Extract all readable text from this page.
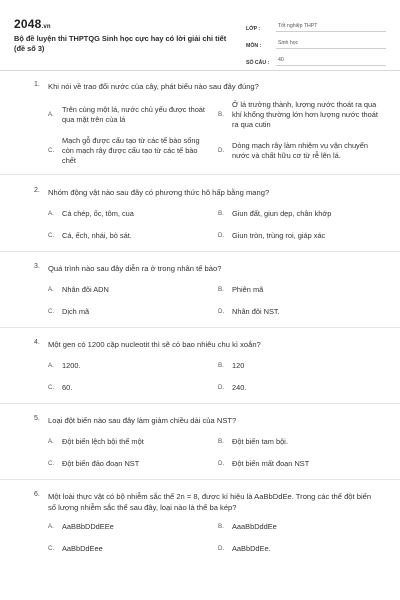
2048.vn
Bộ đề luyện thi THPTQG Sinh học cực hay có lời giải chi tiết (đề số 3)
LỚP :	Tốt nghiệp THPT
MÔN :	Sinh học
SỐ CÂU :	40
1. Khi nói về trao đổi nước của cây, phát biểu nào sau đây đúng?
A.
Trên cùng một lá, nước chủ yếu được thoát qua mặt trên của lá
B.
Ở lá trưởng thành, lượng nước thoát ra qua khí khổng thường lớn hơn lượng nước thoát ra qua cutin
C.
Mạch gỗ được cấu tạo từ các tế bào sống còn mạch rây được cấu tạo từ các tế bào chết
D.
Dòng mạch rây làm nhiệm vụ vận chuyển nước và chất hữu cơ từ rễ lên lá.
2. Nhóm động vật nào sau đây có phương thức hô hấp bằng mang?
A.	Cá chép, ốc, tôm, cua	B.	Giun đất, giun dẹp, chân khớp
C.	Cá, ếch, nhái, bò sát.	D.	Giun tròn, trùng roi, giáp xác
3. Quá trình nào sau đây diễn ra ở trong nhân tế bào?
A.	Nhân đôi ADN	B.	Phiên mã
C.	Dịch mã	D.	Nhân đôi NST.
4. Một gen có 1200 cặp nucleotit thì sẽ có bao nhiêu chu kì xoắn?
A.	1200.	B.	120
C.	60.	D.	240.
5. Loại đột biến nào sau đây làm giảm chiều dài của NST?
A.	Đột biến lệch bội thể một	B.	Đột biến tam bội.
C.	Đột biến đảo đoạn NST	D.	Đột biến mất đoạn NST
6. Một loài thực vật có bộ nhiễm sắc thể 2n = 8, được kí hiệu là AaBbDdEe. Trong các thể đột biến số lượng nhiễm sắc thể sau đây, loại nào là thể ba kép?
A.	AaBBbDDdEEe	B.	AaaBbDddEe
C.	AaBbDdEee	D.	AaBbDdEe.
